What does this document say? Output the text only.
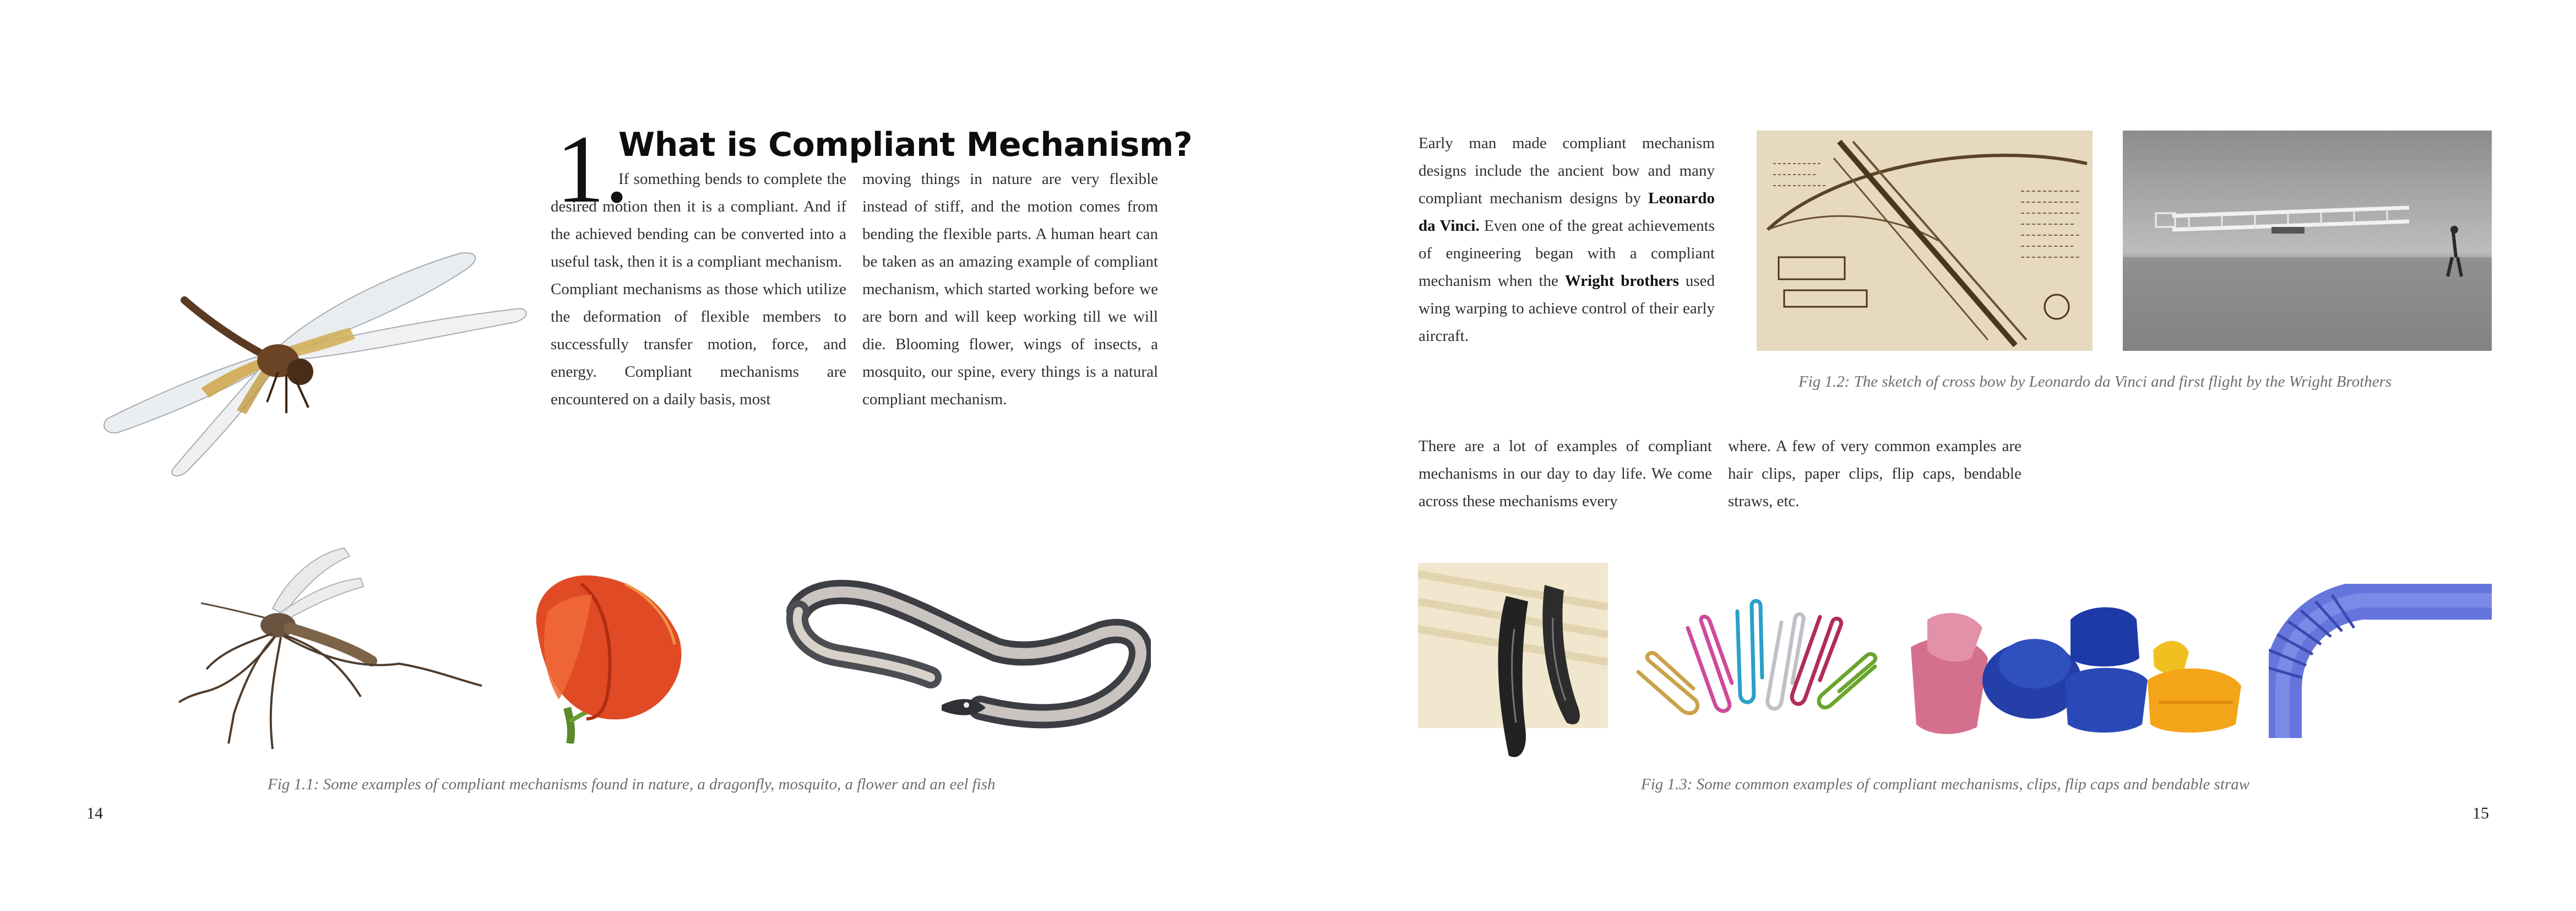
1.
What is Compliant Mechanism?

If something bends to complete the desired motion then it is a compliant. And if the achieved bending can be converted into a useful task, then it is a compliant mechanism.

Compliant mechanisms as those which utilize the deformation of flexible members to successfully transfer motion, force, and energy. Compliant mechanisms are encountered on a daily basis, most

moving things in nature are very flexible instead of stiff, and the motion comes from bending the flexible parts. A human heart can be taken as an amazing example of compliant mechanism, which started working before we are born and will keep working till we will die. Blooming flower, wings of insects, a mosquito, our spine, every things is a natural compliant mechanism.

Fig 1.1: Some examples of compliant mechanisms found in nature, a dragonfly, mosquito, a flower and an eel fish
14

Early man made compliant mechanism designs include the ancient bow and many compliant mechanism designs by Leonardo da Vinci. Even one of the great achievements of engineering began with a compliant mechanism when the Wright brothers used wing warping to achieve control of their early aircraft.

Fig 1.2: The sketch of cross bow by Leonardo da Vinci and first flight by the Wright Brothers

There are a lot of examples of compliant mechanisms in our day to day life. We come across these mechanisms every

where. A few of very common examples are hair clips, paper clips, flip caps, bendable straws, etc.

Fig 1.3: Some common examples of compliant mechanisms, clips, flip caps and bendable straw
15
